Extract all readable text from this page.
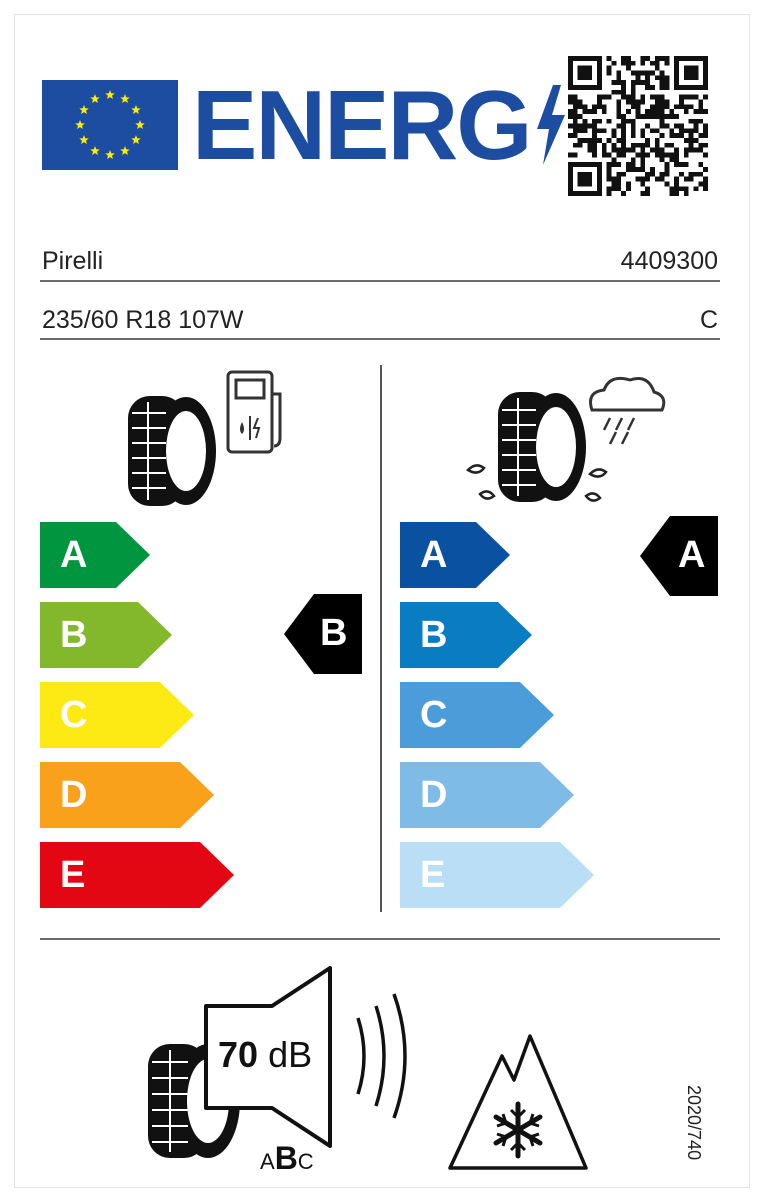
ENERG
Pirelli	4409300
235/60 R18 107W	C
A
B
C
D
E
B
A
B
C
D
E
A
70 dB
ABC
2020/740
